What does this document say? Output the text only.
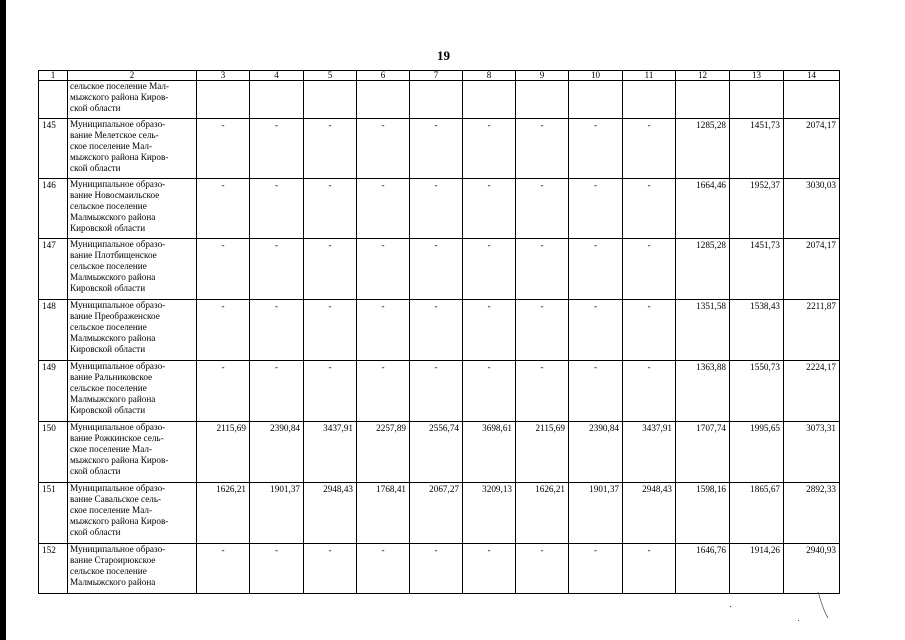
19
1	2	3	4	5	6	7	8	9	10	11	12	13	14
	сельское поселение Мал-
мыжского района Киров-
ской области												
145	Муниципальное образо-
вание Мелетское сель-
ское поселение Мал-
мыжского района Киров-
ской области	-	-	-	-	-	-	-	-	-	1285,28	1451,73	2074,17
146	Муниципальное образо-
вание Новосмаильское
сельское поселение
Малмыжского района
Кировской области	-	-	-	-	-	-	-	-	-	1664,46	1952,37	3030,03
147	Муниципальное образо-
вание Плотбищенское
сельское поселение
Малмыжского района
Кировской области	-	-	-	-	-	-	-	-	-	1285,28	1451,73	2074,17
148	Муниципальное образо-
вание Преображенское
сельское поселение
Малмыжского района
Кировской области	-	-	-	-	-	-	-	-	-	1351,58	1538,43	2211,87
149	Муниципальное образо-
вание Ральниковское
сельское поселение
Малмыжского района
Кировской области	-	-	-	-	-	-	-	-	-	1363,88	1550,73	2224,17
150	Муниципальное образо-
вание Рожкинское сель-
ское поселение Мал-
мыжского района Киров-
ской области	2115,69	2390,84	3437,91	2257,89	2556,74	3698,61	2115,69	2390,84	3437,91	1707,74	1995,65	3073,31
151	Муниципальное образо-
вание Савальское сель-
ское поселение Мал-
мыжского района Киров-
ской области	1626,21	1901,37	2948,43	1768,41	2067,27	3209,13	1626,21	1901,37	2948,43	1598,16	1865,67	2892,33
152	Муниципальное образо-
вание Староирюкское
сельское поселение
Малмыжского района	-	-	-	-	-	-	-	-	-	1646,76	1914,26	2940,93
